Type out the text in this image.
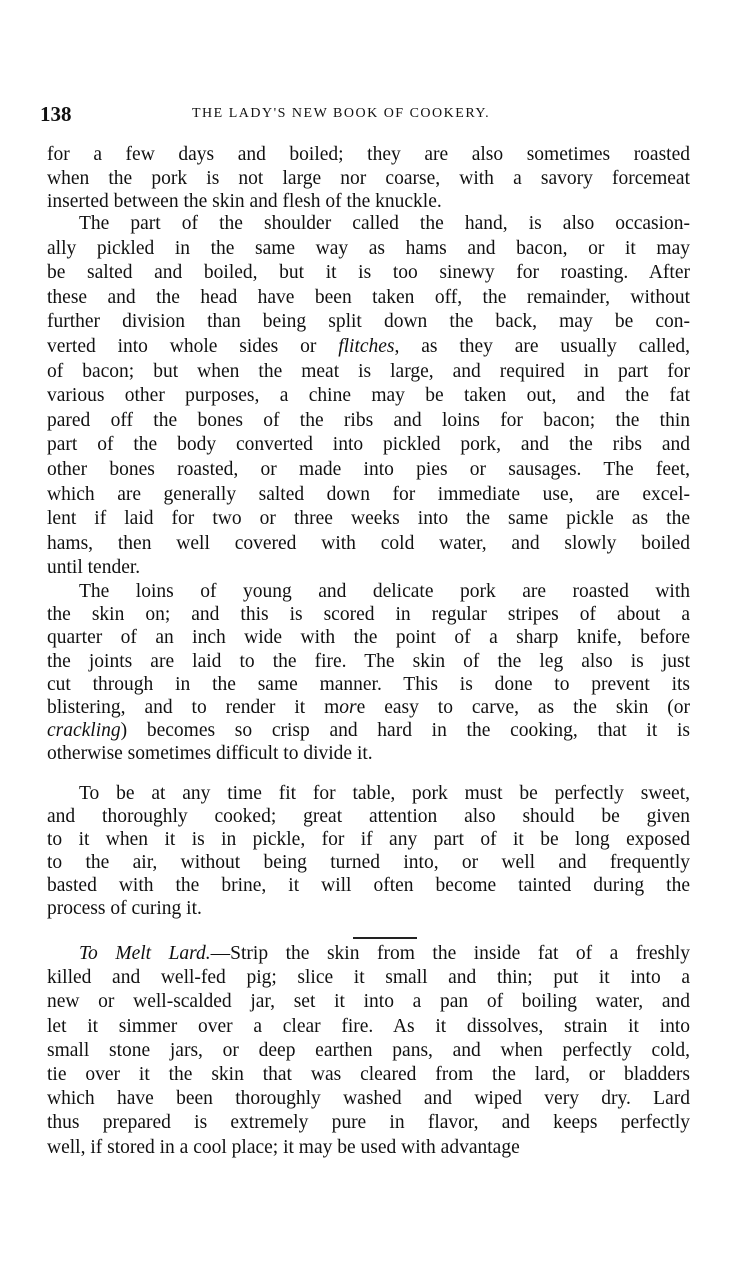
138	THE LADY'S NEW BOOK OF COOKERY.
for a few days and boiled; they are also sometimes roasted
when the pork is not large nor coarse, with a savory forcemeat
inserted between the skin and flesh of the knuckle.
The part of the shoulder called the hand, is also occasion-
ally pickled in the same way as hams and bacon, or it may
be salted and boiled, but it is too sinewy for roasting. After
these and the head have been taken off, the remainder, without
further division than being split down the back, may be con-
verted into whole sides or flitches, as they are usually called,
of bacon; but when the meat is large, and required in part for
various other purposes, a chine may be taken out, and the fat
pared off the bones of the ribs and loins for bacon; the thin
part of the body converted into pickled pork, and the ribs and
other bones roasted, or made into pies or sausages. The feet,
which are generally salted down for immediate use, are excel-
lent if laid for two or three weeks into the same pickle as the
hams, then well covered with cold water, and slowly boiled
until tender.
The loins of young and delicate pork are roasted with
the skin on; and this is scored in regular stripes of about a
quarter of an inch wide with the point of a sharp knife, before
the joints are laid to the fire. The skin of the leg also is just
cut through in the same manner. This is done to prevent its
blistering, and to render it more easy to carve, as the skin (or
crackling) becomes so crisp and hard in the cooking, that it is
otherwise sometimes difficult to divide it.
To be at any time fit for table, pork must be perfectly sweet,
and thoroughly cooked; great attention also should be given
to it when it is in pickle, for if any part of it be long exposed
to the air, without being turned into, or well and frequently
basted with the brine, it will often become tainted during the
process of curing it.
To Melt Lard.—Strip the skin from the inside fat of a freshly
killed and well-fed pig; slice it small and thin; put it into a
new or well-scalded jar, set it into a pan of boiling water, and
let it simmer over a clear fire. As it dissolves, strain it into
small stone jars, or deep earthen pans, and when perfectly cold,
tie over it the skin that was cleared from the lard, or bladders
which have been thoroughly washed and wiped very dry. Lard
thus prepared is extremely pure in flavor, and keeps perfectly
well, if stored in a cool place; it may be used with advantage
